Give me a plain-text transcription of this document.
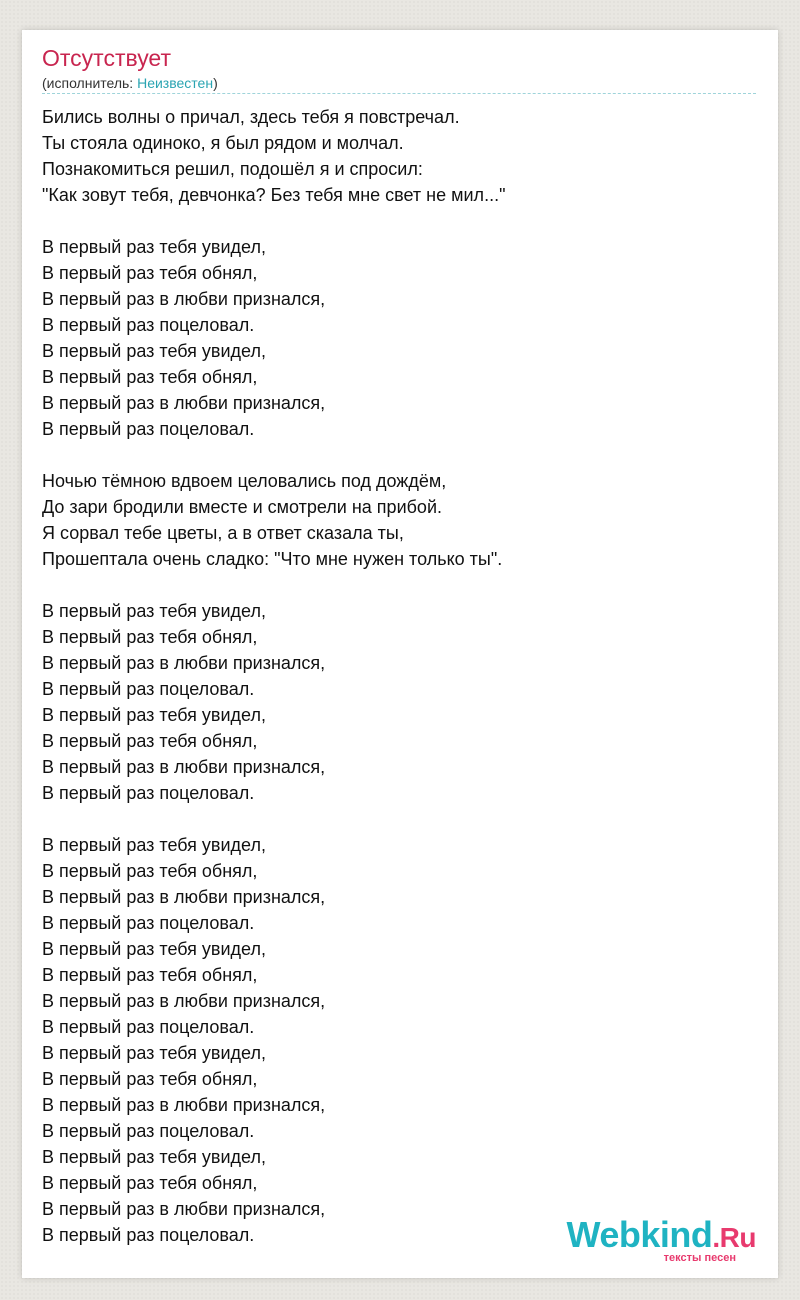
Отсутствует
(исполнитель: Неизвестен)
Бились волны о причал, здесь тебя я повстречал.
Ты стояла одиноко, я был рядом и молчал.
Познакомиться решил, подошёл я и спросил:
"Как зовут тебя, девчонка? Без тебя мне свет не мил..."
В первый раз тебя увидел,
В первый раз тебя обнял,
В первый раз в любви признался,
В первый раз поцеловал.
В первый раз тебя увидел,
В первый раз тебя обнял,
В первый раз в любви признался,
В первый раз поцеловал.
Ночью тёмною вдвоем целовались под дождём,
До зари бродили вместе и смотрели на прибой.
Я сорвал тебе цветы, а в ответ сказала ты,
Прошептала очень сладко: "Что мне нужен только ты".
В первый раз тебя увидел,
В первый раз тебя обнял,
В первый раз в любви признался,
В первый раз поцеловал.
В первый раз тебя увидел,
В первый раз тебя обнял,
В первый раз в любви признался,
В первый раз поцеловал.
В первый раз тебя увидел,
В первый раз тебя обнял,
В первый раз в любви признался,
В первый раз поцеловал.
В первый раз тебя увидел,
В первый раз тебя обнял,
В первый раз в любви признался,
В первый раз поцеловал.
В первый раз тебя увидел,
В первый раз тебя обнял,
В первый раз в любви признался,
В первый раз поцеловал.
В первый раз тебя увидел,
В первый раз тебя обнял,
В первый раз в любви признался,
В первый раз поцеловал.	Webkind.Ru
тексты песен
